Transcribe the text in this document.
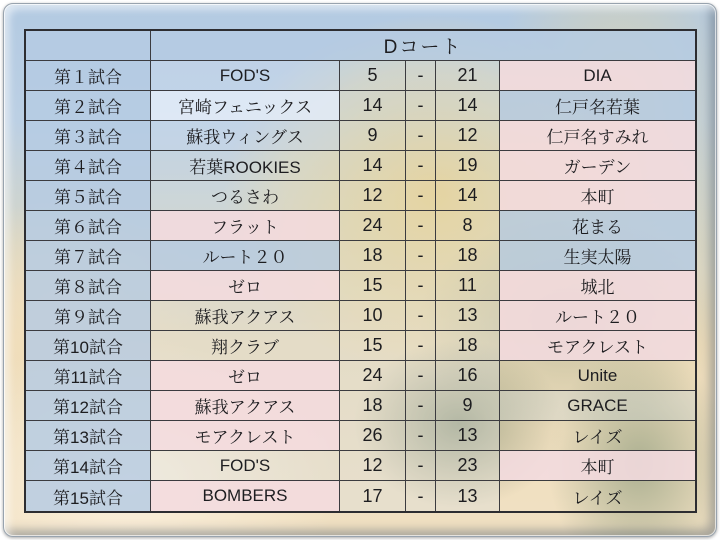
Dコート
第１試合	FOD'S	5	-	21	DIA
第２試合	宮崎フェニックス	14	-	14	仁戸名若葉
第３試合	蘇我ウィングス	9	-	12	仁戸名すみれ
第４試合	若葉ROOKIES	14	-	19	ガーデン
第５試合	つるさわ	12	-	14	本町
第６試合	フラット	24	-	8	花まる
第７試合	ルート２０	18	-	18	生実太陽
第８試合	ゼロ	15	-	11	城北
第９試合	蘇我アクアス	10	-	13	ルート２０
第10試合	翔クラブ	15	-	18	モアクレスト
第11試合	ゼロ	24	-	16	Unite
第12試合	蘇我アクアス	18	-	9	GRACE
第13試合	モアクレスト	26	-	13	レイズ
第14試合	FOD'S	12	-	23	本町
第15試合	BOMBERS	17	-	13	レイズ
